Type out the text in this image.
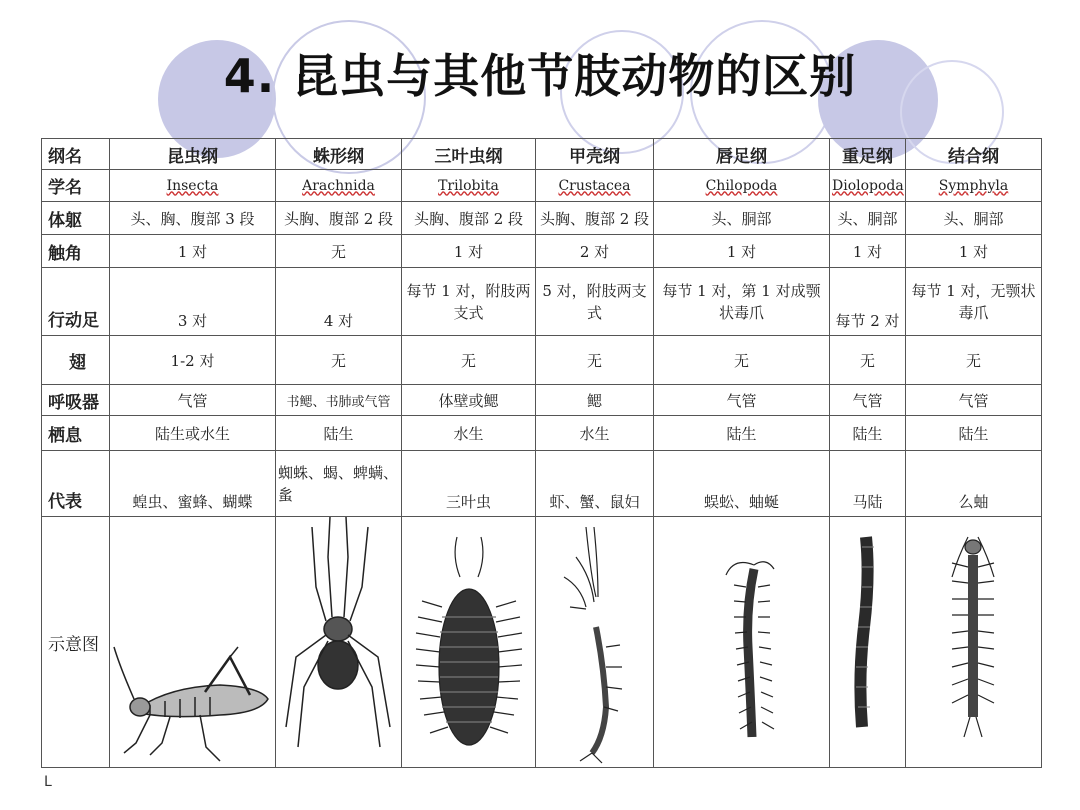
4. 昆虫与其他节肢动物的区别
纲名	昆虫纲	蛛形纲	三叶虫纲	甲壳纲	唇足纲	重足纲	结合纲
学名	Insecta	Arachnida	Trilobita	Crustacea	Chilopoda	Diolopoda	Symphyla
体躯	头、胸、腹部 3 段	头胸、腹部 2 段	头胸、腹部 2 段	头胸、腹部 2 段	头、胴部	头、胴部	头、胴部
触角	1 对	无	1 对	2 对	1 对	1 对	1 对
行动足	3 对	4 对	每节 1 对，附肢两支式	5 对，附肢两支式	每节 1 对，第 1 对成颚状毒爪	每节 2 对	每节 1 对，无颚状毒爪
翅	1-2 对	无	无	无	无	无	无
呼吸器	气管	书鳃、书肺或气管	体壁或鳃	鳃	气管	气管	气管
栖息	陆生或水生	陆生	水生	水生	陆生	陆生	陆生
代表	蝗虫、蜜蜂、蝴蝶	蜘蛛、蝎、蜱螨、蚃	三叶虫	虾、蟹、鼠妇	蜈蚣、蚰蜒	马陆	么蚰
示意图	

L
